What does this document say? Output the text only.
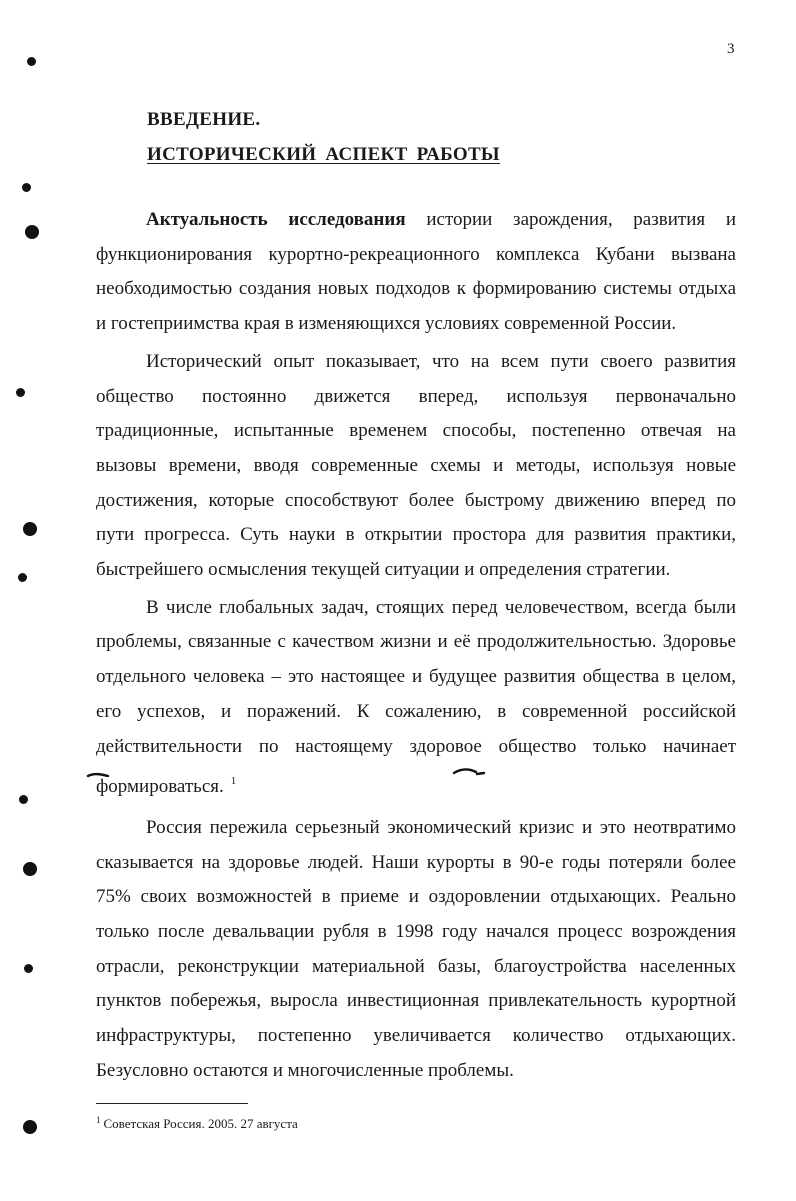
3
ВВЕДЕНИЕ.
ИСТОРИЧЕСКИЙ АСПЕКТ РАБОТЫ

Актуальность исследования истории зарождения, развития и функционирования курортно-рекреационного комплекса Кубани вызвана необходимостью создания новых подходов к формированию системы отдыха и гостеприимства края в изменяющихся условиях современной России.

Исторический опыт показывает, что на всем пути своего развития общество постоянно движется вперед, используя первоначально традиционные, испытанные временем способы, постепенно отвечая на вызовы времени, вводя современные схемы и методы, используя новые достижения, которые способствуют более быстрому движению вперед по пути прогресса. Суть науки в открытии простора для развития практики, быстрейшего осмысления текущей ситуации и определения стратегии.

В числе глобальных задач, стоящих перед человечеством, всегда были проблемы, связанные с качеством жизни и её продолжительностью. Здоровье отдельного человека – это настоящее и будущее развития общества в целом, его успехов, и поражений. К сожалению, в современной российской действительности по настоящему здоровое общество только начинает формироваться. $^1$

Россия пережила серьезный экономический кризис и это неотвратимо сказывается на здоровье людей. Наши курорты в 90-е годы потеряли более 75% своих возможностей в приеме и оздоровлении отдыхающих. Реально только после девальвации рубля в 1998 году начался процесс возрождения отрасли, реконструкции материальной базы, благоустройства населенных пунктов побережья, выросла инвестиционная привлекательность курортной инфраструктуры, постепенно увеличивается количество отдыхающих. Безусловно остаются и многочисленные проблемы.

$^1$ Советская Россия. 2005. 27 августа
